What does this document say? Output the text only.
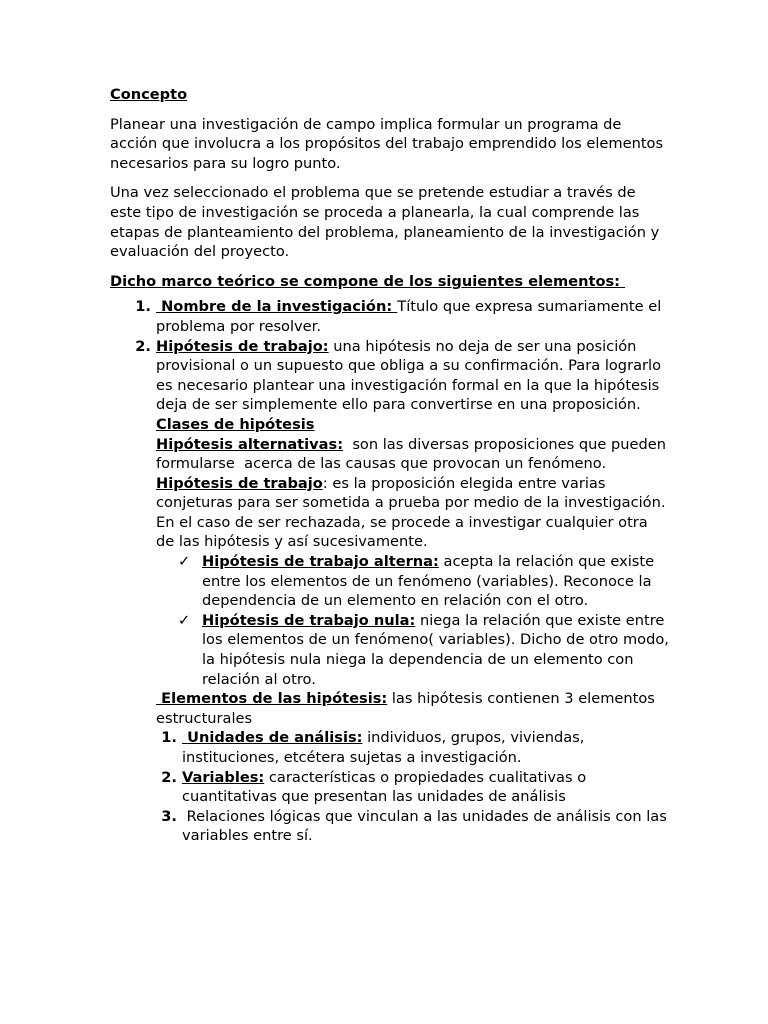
Concepto

Planear una investigación de campo implica formular un programa de acción que involucra a los propósitos del trabajo emprendido los elementos necesarios para su logro punto.

Una vez seleccionado el problema que se pretende estudiar a través de este tipo de investigación se proceda a planearla, la cual comprende las etapas de planteamiento del problema, planeamiento de la investigación y evaluación del proyecto.

Dicho marco teórico se compone de los siguientes elementos:

1.  Nombre de la investigación: Título que expresa sumariamente el problema por resolver.

2. Hipótesis de trabajo: una hipótesis no deja de ser una posición provisional o un supuesto que obliga a su confirmación. Para lograrlo es necesario plantear una investigación formal en la que la hipótesis deja de ser simplemente ello para convertirse en una proposición.

Clases de hipótesis

Hipótesis alternativas:  son las diversas proposiciones que pueden formularse  acerca de las causas que provocan un fenómeno.

Hipótesis de trabajo: es la proposición elegida entre varias conjeturas para ser sometida a prueba por medio de la investigación. En el caso de ser rechazada, se procede a investigar cualquier otra de las hipótesis y así sucesivamente.

✓ Hipótesis de trabajo alterna: acepta la relación que existe entre los elementos de un fenómeno (variables). Reconoce la dependencia de un elemento en relación con el otro.
✓ Hipótesis de trabajo nula: niega la relación que existe entre los elementos de un fenómeno( variables). Dicho de otro modo,  la hipótesis nula niega la dependencia de un elemento con relación al otro.

Elementos de las hipótesis: las hipótesis contienen 3 elementos estructurales

1.  Unidades de análisis: individuos, grupos, viviendas, instituciones, etcétera sujetas a investigación.
2. Variables: características o propiedades cualitativas o cuantitativas que presentan las unidades de análisis
3.  Relaciones lógicas que vinculan a las unidades de análisis con las variables entre sí.
